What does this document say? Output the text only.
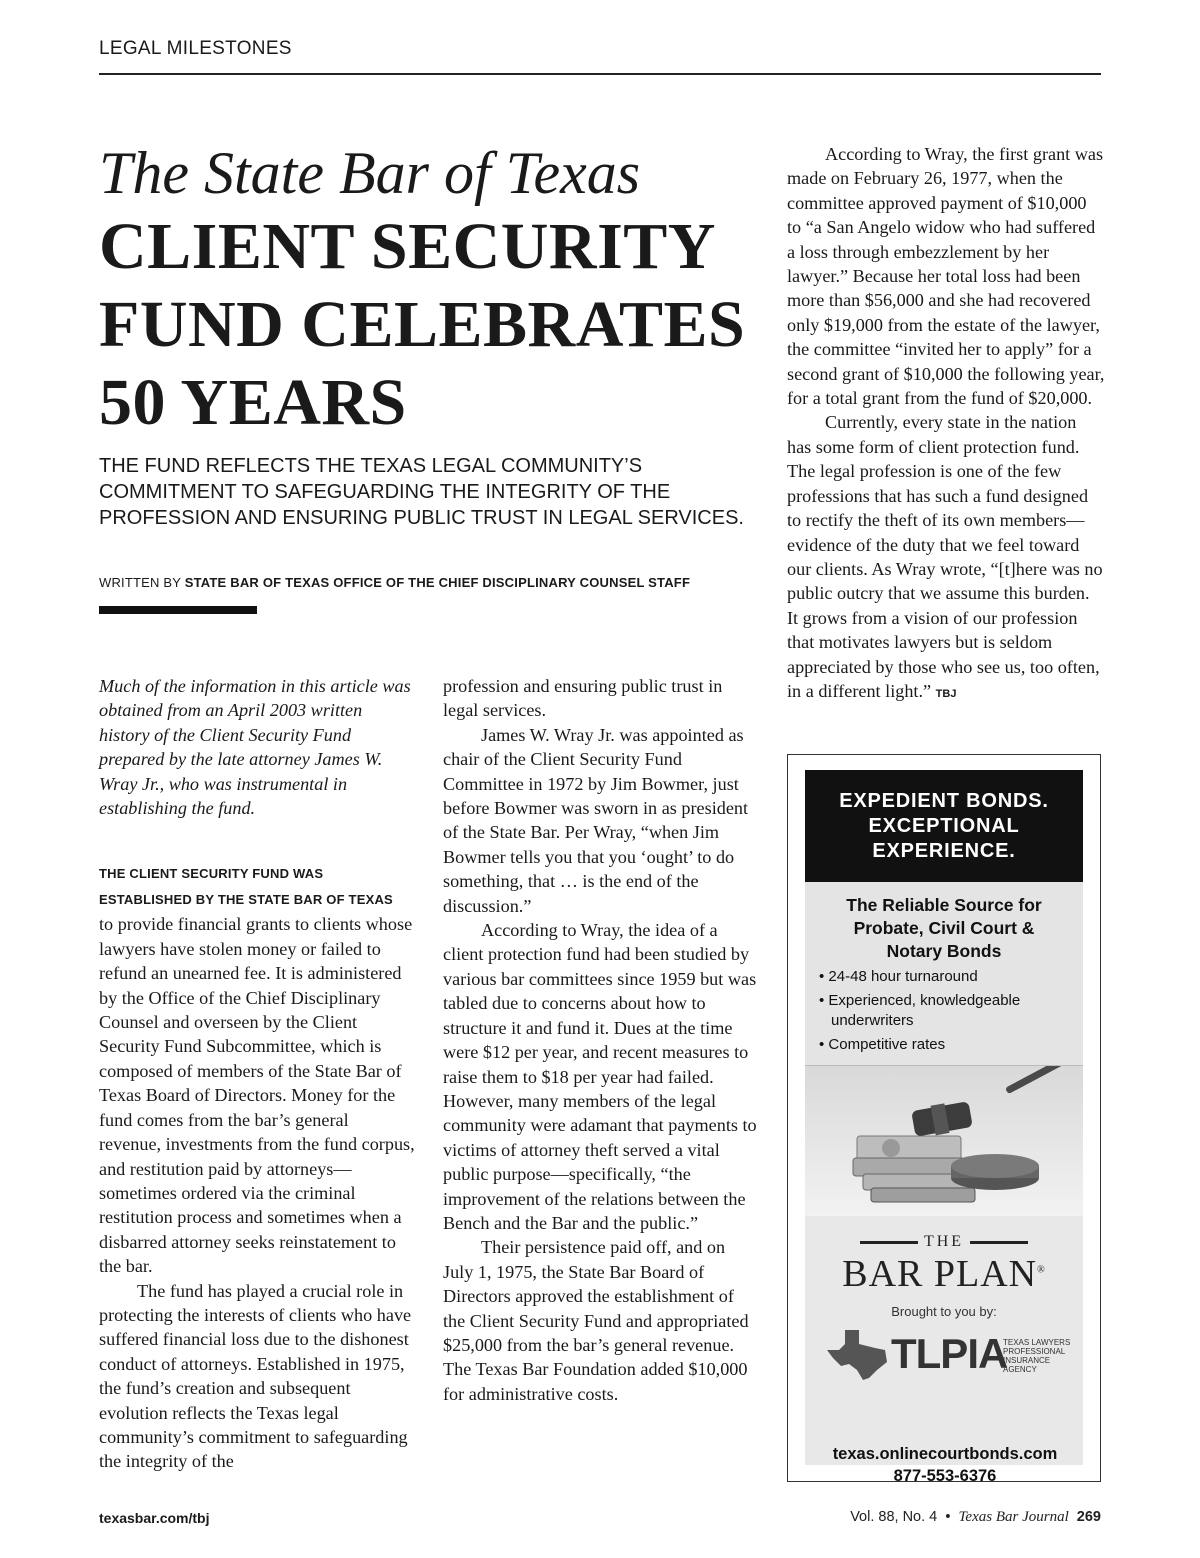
LEGAL MILESTONES
The State Bar of Texas
CLIENT SECURITY
FUND CELEBRATES
50 YEARS
THE FUND REFLECTS THE TEXAS LEGAL COMMUNITY’S
COMMITMENT TO SAFEGUARDING THE INTEGRITY OF THE
PROFESSION AND ENSURING PUBLIC TRUST IN LEGAL SERVICES.
WRITTEN BY STATE BAR OF TEXAS OFFICE OF THE CHIEF DISCIPLINARY COUNSEL STAFF

Much of the information in this article was obtained from an April 2003 written history of the Client Security Fund prepared by the late attorney James W. Wray Jr., who was instrumental in establishing the fund.

THE CLIENT SECURITY FUND WAS ESTABLISHED BY THE STATE BAR OF TEXAS
to provide financial grants to clients whose lawyers have stolen money or failed to refund an unearned fee. It is administered by the Office of the Chief Disciplinary Counsel and overseen by the Client Security Fund Subcommittee, which is composed of members of the State Bar of Texas Board of Directors. Money for the fund comes from the bar’s general revenue, investments from the fund corpus, and restitution paid by attorneys—sometimes ordered via the criminal restitution process and sometimes when a disbarred attorney seeks reinstatement to the bar.

The fund has played a crucial role in protecting the interests of clients who have suffered financial loss due to the dishonest conduct of attorneys. Established in 1975, the fund’s creation and subsequent evolution reflects the Texas legal community’s commitment to safeguarding the integrity of the

profession and ensuring public trust in legal services.

James W. Wray Jr. was appointed as chair of the Client Security Fund Committee in 1972 by Jim Bowmer, just before Bowmer was sworn in as president of the State Bar. Per Wray, “when Jim Bowmer tells you that you ‘ought’ to do something, that … is the end of the discussion.”

According to Wray, the idea of a client protection fund had been studied by various bar committees since 1959 but was tabled due to concerns about how to structure it and fund it. Dues at the time were $12 per year, and recent measures to raise them to $18 per year had failed. However, many members of the legal community were adamant that payments to victims of attorney theft served a vital public purpose—specifically, “the improvement of the relations between the Bench and the Bar and the public.”

Their persistence paid off, and on July 1, 1975, the State Bar Board of Directors approved the establishment of the Client Security Fund and appropriated $25,000 from the bar’s general revenue. The Texas Bar Foundation added $10,000 for administrative costs.

According to Wray, the first grant was made on February 26, 1977, when the committee approved payment of $10,000 to “a San Angelo widow who had suffered a loss through embezzlement by her lawyer.” Because her total loss had been more than $56,000 and she had recovered only $19,000 from the estate of the lawyer, the committee “invited her to apply” for a second grant of $10,000 the following year, for a total grant from the fund of $20,000.

Currently, every state in the nation has some form of client protection fund. The legal profession is one of the few professions that has such a fund designed to rectify the theft of its own members—evidence of the duty that we feel toward our clients. As Wray wrote, “[t]here was no public outcry that we assume this burden. It grows from a vision of our profession that motivates lawyers but is seldom appreciated by those who see us, too often, in a different light.” TBJ

EXPEDIENT BONDS.
EXCEPTIONAL
EXPERIENCE.
The Reliable Source for
Probate, Civil Court &
Notary Bonds
• 24-48 hour turnaround
• Experienced, knowledgeable underwriters
• Competitive rates
THE
BAR PLAN®
Brought to you by:
TLPIA
TEXAS LAWYERS
PROFESSIONAL
INSURANCE
AGENCY
texas.onlinecourtbonds.com
877-553-6376
texasbar.com/tbj	Vol. 88, No. 4 • Texas Bar Journal 269
